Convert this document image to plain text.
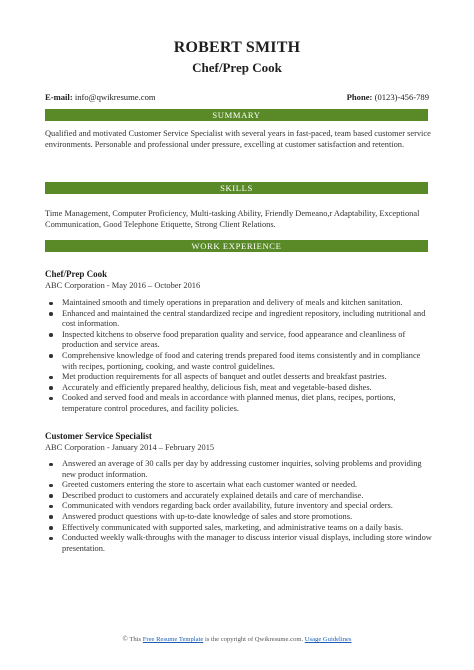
ROBERT SMITH
Chef/Prep Cook
E-mail: info@qwikresume.com	Phone: (0123)-456-789
SUMMARY
Qualified and motivated Customer Service Specialist with several years in fast-paced, team based customer service environments. Personable and professional under pressure, excelling at customer satisfaction and retention.
SKILLS
Time Management, Computer Proficiency, Multi-tasking Ability, Friendly Demeano,r Adaptability, Exceptional Communication, Good Telephone Etiquette, Strong Client Relations.
WORK EXPERIENCE
Chef/Prep Cook
ABC Corporation - May 2016 – October 2016
Maintained smooth and timely operations in preparation and delivery of meals and kitchen sanitation.
Enhanced and maintained the central standardized recipe and ingredient repository, including nutritional and cost information.
Inspected kitchens to observe food preparation quality and service, food appearance and cleanliness of production and service areas.
Comprehensive knowledge of food and catering trends prepared food items consistently and in compliance with recipes, portioning, cooking, and waste control guidelines.
Met production requirements for all aspects of banquet and outlet desserts and breakfast pastries.
Accurately and efficiently prepared healthy, delicious fish, meat and vegetable-based dishes.
Cooked and served food and meals in accordance with planned menus, diet plans, recipes, portions, temperature control procedures, and facility policies.
Customer Service Specialist
ABC Corporation - January 2014 – February 2015
Answered an average of 30 calls per day by addressing customer inquiries, solving problems and providing new product information.
Greeted customers entering the store to ascertain what each customer wanted or needed.
Described product to customers and accurately explained details and care of merchandise.
Communicated with vendors regarding back order availability, future inventory and special orders.
Answered product questions with up-to-date knowledge of sales and store promotions.
Effectively communicated with supported sales, marketing, and administrative teams on a daily basis.
Conducted weekly walk-throughs with the manager to discuss interior visual displays, including store window presentation.
© This Free Resume Template is the copyright of Qwikresume.com. Usage Guidelines
